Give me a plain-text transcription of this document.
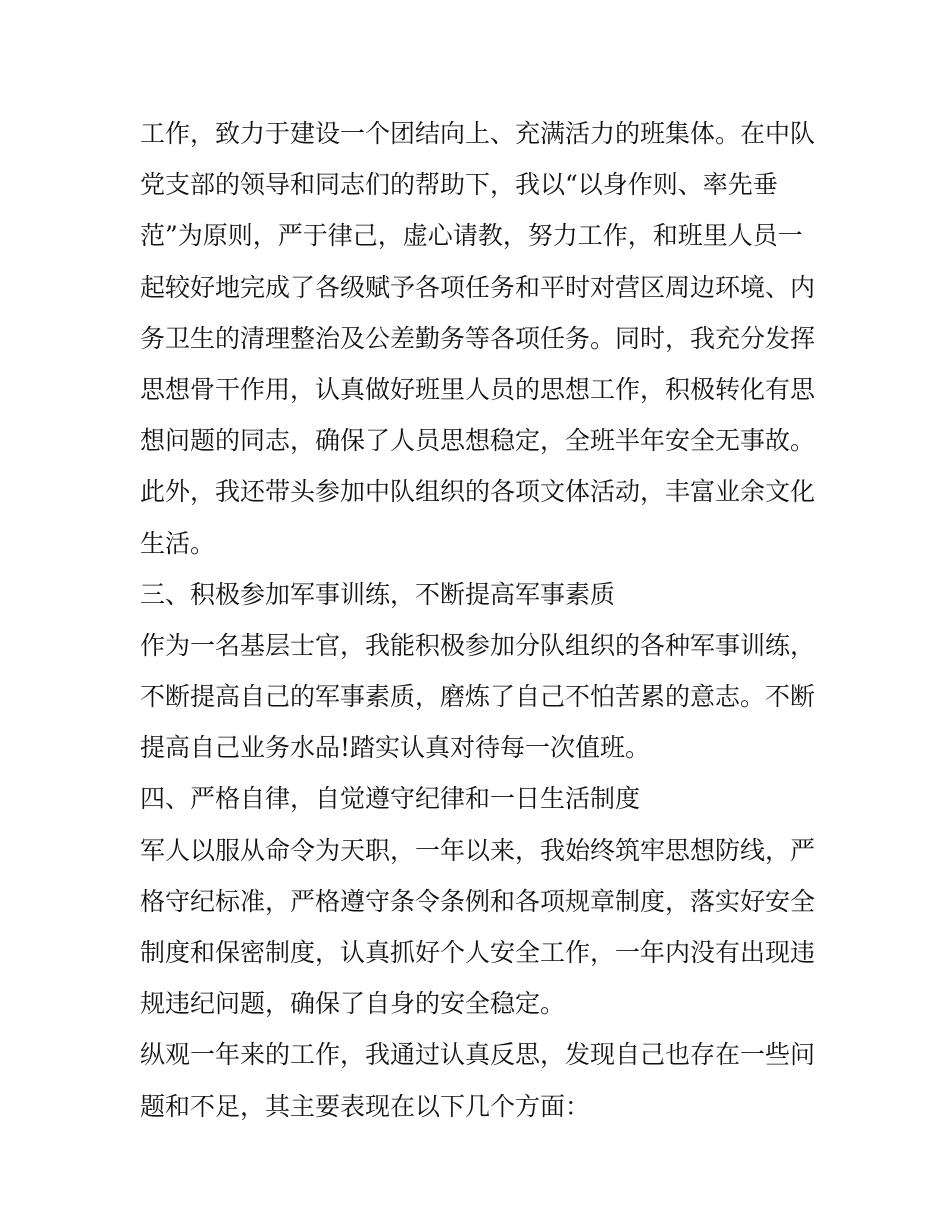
工作，致力于建设一个团结向上、充满活力的班集体。在中队
党支部的领导和同志们的帮助下，我以“以身作则、率先垂
范”为原则，严于律己，虚心请教，努力工作，和班里人员一
起较好地完成了各级赋予各项任务和平时对营区周边环境、内
务卫生的清理整治及公差勤务等各项任务。同时，我充分发挥
思想骨干作用，认真做好班里人员的思想工作，积极转化有思
想问题的同志，确保了人员思想稳定，全班半年安全无事故。
此外，我还带头参加中队组织的各项文体活动，丰富业余文化
生活。
三、积极参加军事训练，不断提高军事素质
作为一名基层士官，我能积极参加分队组织的各种军事训练，
不断提高自己的军事素质，磨炼了自己不怕苦累的意志。不断
提高自己业务水品!踏实认真对待每一次值班。
四、严格自律，自觉遵守纪律和一日生活制度
军人以服从命令为天职，一年以来，我始终筑牢思想防线，严
格守纪标准，严格遵守条令条例和各项规章制度，落实好安全
制度和保密制度，认真抓好个人安全工作，一年内没有出现违
规违纪问题，确保了自身的安全稳定。
纵观一年来的工作，我通过认真反思，发现自己也存在一些问
题和不足，其主要表现在以下几个方面：
